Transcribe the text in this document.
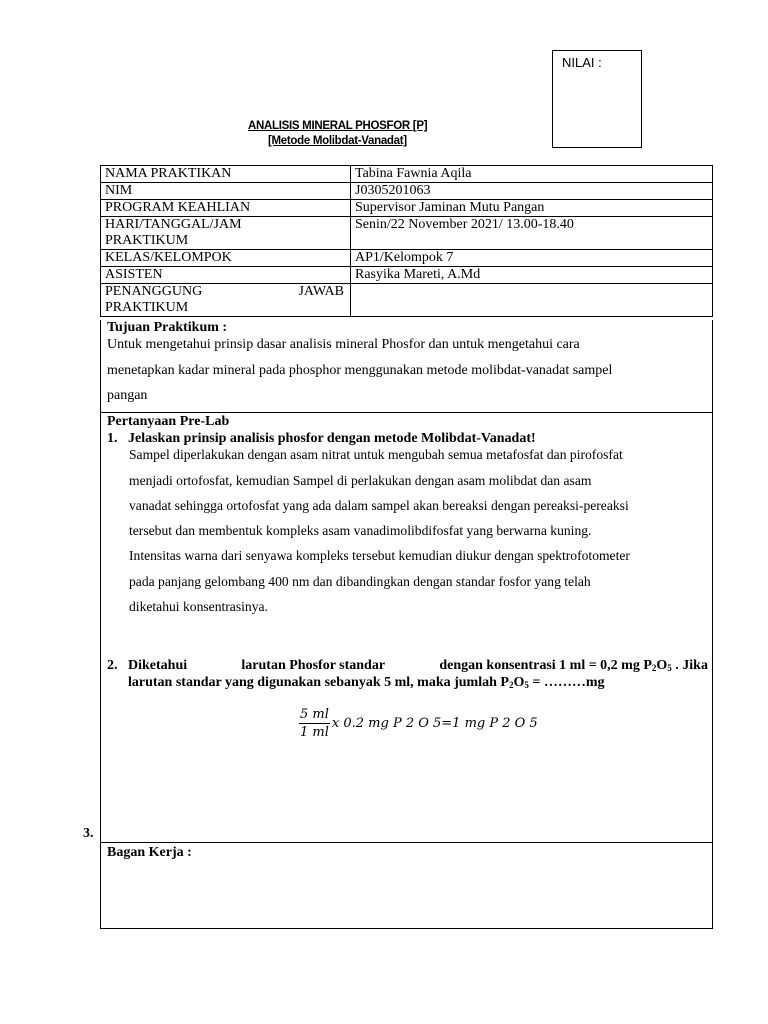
NILAI :
ANALISIS MINERAL PHOSFOR [P]
[Metode Molibdat-Vanadat]
NAMA PRAKTIKAN	Tabina Fawnia Aqila
NIM	J0305201063
PROGRAM KEAHLIAN	Supervisor Jaminan Mutu Pangan

HARI/TANGGAL/JAM
PRAKTIKUM	Senin/22 November 2021/ 13.00-18.40
KELAS/KELOMPOK	AP1/Kelompok 7
ASISTEN	Rasyika Mareti, A.Md

PENANGGUNG JAWAB
PRAKTIKUM	

Tujuan Praktikum :
Untuk mengetahui prinsip dasar analisis mineral Phosfor dan untuk mengetahui cara
menetapkan kadar mineral pada phosphor menggunakan metode molibdat-vanadat sampel
pangan
Pertanyaan Pre-Lab
1. Jelaskan prinsip analisis phosfor dengan metode Molibdat-Vanadat!
Sampel diperlakukan dengan asam nitrat untuk mengubah semua metafosfat dan pirofosfat
menjadi ortofosfat, kemudian Sampel di perlakukan dengan asam molibdat dan asam
vanadat sehingga ortofosfat yang ada dalam sampel akan bereaksi dengan pereaksi-pereaksi
tersebut dan membentuk kompleks asam vanadimolibdifosfat yang berwarna kuning.
Intensitas warna dari senyawa kompleks tersebut kemudian diukur dengan spektrofotometer
pada panjang gelombang 400 nm dan dibandingkan dengan standar fosfor yang telah
diketahui konsentrasinya.
2. Diketahui	larutan Phosfor standar	dengan konsentrasi 1 ml = 0,2 mg $P_2O_5$ . Jika
larutan standar yang digunakan sebanyak 5 ml, maka jumlah $P_2O_5$ = ………mg
$\frac{5 ml}{1 ml}$ x 0.2 mg P 2 O 5=1 mg P 2 O 5
3.
Bagan Kerja :
